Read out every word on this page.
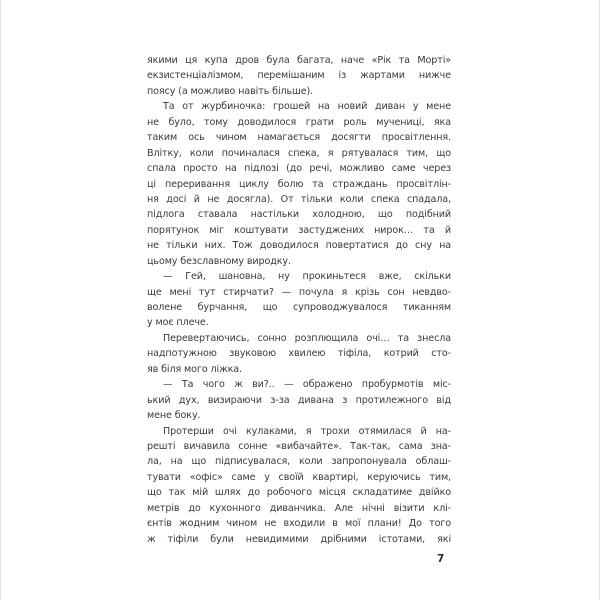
якими ця купа дров була багата, наче «Рік та Морті»
екзистенціалізмом, перемішаним із жартами нижче
поясу (а можливо навіть більше).
Та от журбиночка: грошей на новий диван у мене
не було, тому доводилося грати роль мучениці, яка
таким ось чином намагається досягти просвітлення.
Влітку, коли починалася спека, я рятувалася тим, що
спала просто на підлозі (до речі, можливо саме через
ці переривання циклу болю та страждань просвітлін-
ня досі й не досягла). От тільки коли спека спадала,
підлога ставала настільки холодною, що подібний
порятунок міг коштувати застуджених нирок… та й
не тільки них. Тож доводилося повертатися до сну на
цьому безславному виродку.
— Гей, шановна, ну прокиньтеся вже, скільки
ще мені тут стирчати? — почула я крізь сон невдво-
волене бурчання, що супроводжувалося тиканням
у моє плече.
Перевертаючись, сонно розплющила очі… та знесла
надпотужною звуковою хвилею тіфіла, котрий сто-
яв біля мого ліжка.
— Та чого ж ви?.. — ображено пробурмотів міс-
ький дух, визираючи з-за дивана з протилежного від
мене боку.
Протерши очі кулаками, я трохи отямилася й на-
решті вичавила сонне «вибачайте». Так-так, сама зна-
ла, на що підписувалася, коли запропонувала облаш-
тувати «офіс» саме у своїй квартирі, керуючись тим,
що так мій шлях до робочого місця складатиме двійко
метрів до кухонного диванчика. Але нічні візити клі-
єнтів жодним чином не входили в мої плани! До того
ж тіфіли були невидимими дрібними істотами, які
7
